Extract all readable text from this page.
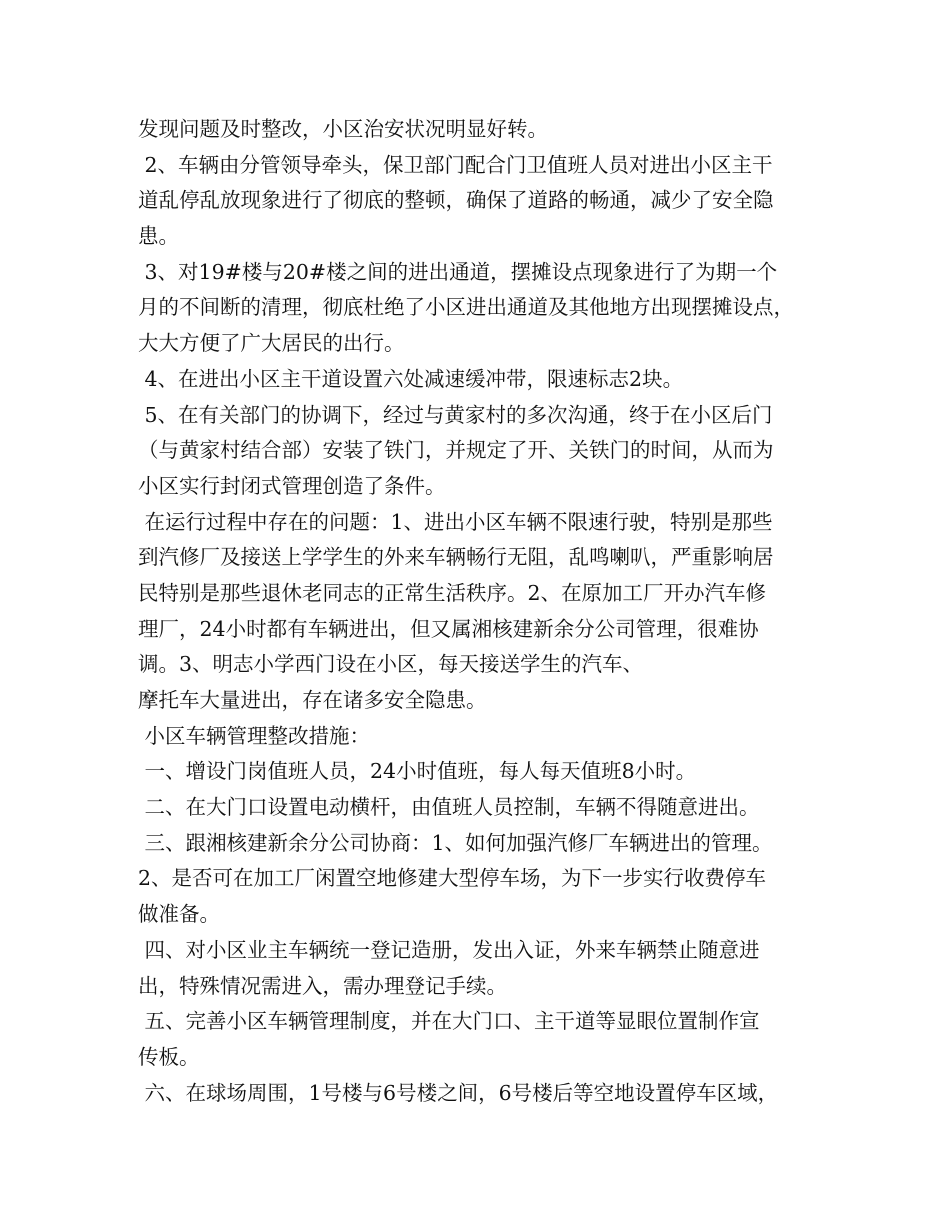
发现问题及时整改，小区治安状况明显好转。
2、车辆由分管领导牵头，保卫部门配合门卫值班人员对进出小区主干
道乱停乱放现象进行了彻底的整顿，确保了道路的畅通，减少了安全隐
患。
3、对19#楼与20#楼之间的进出通道，摆摊设点现象进行了为期一个
月的不间断的清理，彻底杜绝了小区进出通道及其他地方出现摆摊设点，
大大方便了广大居民的出行。
4、在进出小区主干道设置六处减速缓冲带，限速标志2块。
5、在有关部门的协调下，经过与黄家村的多次沟通，终于在小区后门
（与黄家村结合部）安装了铁门，并规定了开、关铁门的时间，从而为
小区实行封闭式管理创造了条件。
在运行过程中存在的问题：1、进出小区车辆不限速行驶，特别是那些
到汽修厂及接送上学学生的外来车辆畅行无阻，乱鸣喇叭，严重影响居
民特别是那些退休老同志的正常生活秩序。2、在原加工厂开办汽车修
理厂，24小时都有车辆进出，但又属湘核建新余分公司管理，很难协
调。3、明志小学西门设在小区，每天接送学生的汽车、
摩托车大量进出，存在诸多安全隐患。
小区车辆管理整改措施：
一、增设门岗值班人员，24小时值班，每人每天值班8小时。
二、在大门口设置电动横杆，由值班人员控制，车辆不得随意进出。
三、跟湘核建新余分公司协商：1、如何加强汽修厂车辆进出的管理。
2、是否可在加工厂闲置空地修建大型停车场，为下一步实行收费停车
做准备。
四、对小区业主车辆统一登记造册，发出入证，外来车辆禁止随意进
出，特殊情况需进入，需办理登记手续。
五、完善小区车辆管理制度，并在大门口、主干道等显眼位置制作宣
传板。
六、在球场周围，1号楼与6号楼之间，6号楼后等空地设置停车区域，
